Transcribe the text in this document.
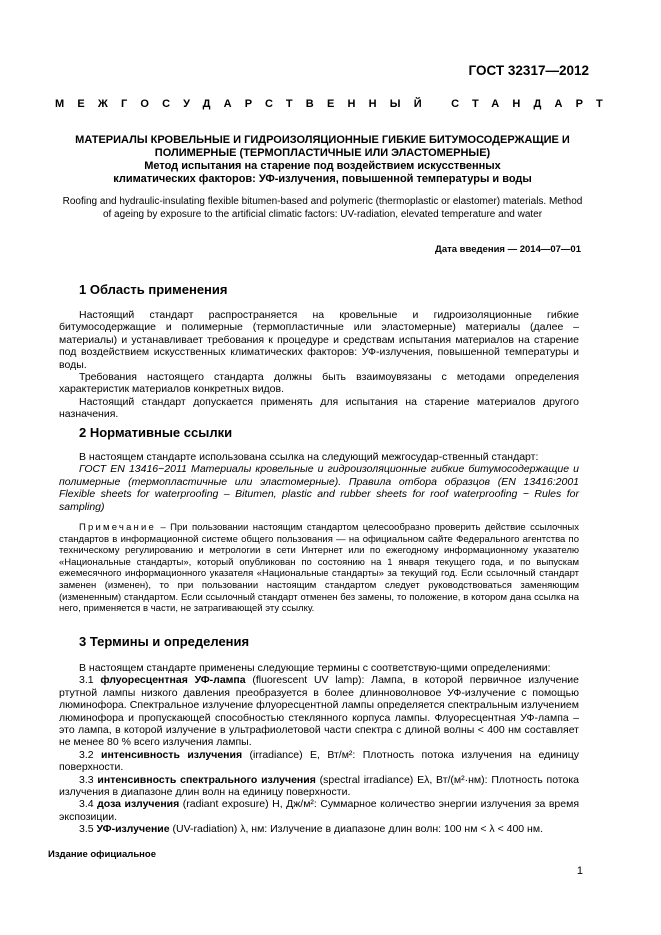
ГОСТ 32317—2012
МЕЖГОСУДАРСТВЕННЫЙ СТАНДАРТ
МАТЕРИАЛЫ КРОВЕЛЬНЫЕ И ГИДРОИЗОЛЯЦИОННЫЕ ГИБКИЕ БИТУМОСОДЕРЖАЩИЕ И
ПОЛИМЕРНЫЕ (ТЕРМОПЛАСТИЧНЫЕ ИЛИ ЭЛАСТОМЕРНЫЕ)
Метод испытания на старение под воздействием искусственных
климатических факторов: УФ-излучения, повышенной температуры и воды
Roofing and hydraulic-insulating flexible bitumen-based and polymeric (thermoplastic or elastomer) materials. Method
of ageing by exposure to the artificial climatic factors: UV-radiation, elevated temperature and water
Дата введения — 2014—07—01
1 Область применения

Настоящий стандарт распространяется на кровельные и гидроизоляционные гибкие битумосодержащие и полимерные (термопластичные или эластомерные) материалы (далее – материалы) и устанавливает требования к процедуре и средствам испытания материалов на старение под воздействием искусственных климатических факторов: УФ-излучения, повышенной температуры и воды.

Требования настоящего стандарта должны быть взаимоувязаны с методами определения характеристик материалов конкретных видов.

Настоящий стандарт допускается применять для испытания на старение материалов другого назначения.

2 Нормативные ссылки

В настоящем стандарте использована ссылка на следующий межгосудар-ственный стандарт:

ГОСТ EN 13416−2011 Материалы кровельные и гидроизоляционные гибкие битумосодержащие и полимерные (термопластичные или эластомерные). Правила отбора образцов (EN 13416:2001 Flexible sheets for waterproofing – Bitumen, plastic and rubber sheets for roof waterproofing − Rules for sampling)

Примечание – При пользовании настоящим стандартом целесообразно проверить действие ссылочных стандартов в информационной системе общего пользования — на официальном сайте Федерального агентства по техническому регулированию и метрологии в сети Интернет или по ежегодному информационному указателю «Национальные стандарты», который опубликован по состоянию на 1 января текущего года, и по выпускам ежемесячного информационного указателя «Национальные стандарты» за текущий год. Если ссылочный стандарт заменен (изменен), то при пользовании настоящим стандартом следует руководствоваться заменяющим (измененным) стандартом. Если ссылочный стандарт отменен без замены, то положение, в котором дана ссылка на него, применяется в части, не затрагивающей эту ссылку.

3 Термины и определения

В настоящем стандарте применены следующие термины с соответствую-щими определениями:

3.1 флуоресцентная УФ-лампа (fluorescent UV lamp): Лампа, в которой первичное излучение ртутной лампы низкого давления преобразуется в более длинноволновое УФ-излучение с помощью люминофора. Спектральное излучение флуоресцентной лампы определяется спектральным излучением люминофора и пропускающей способностью стеклянного корпуса лампы. Флуоресцентная УФ-лампа – это лампа, в которой излучение в ультрафиолетовой части спектра с длиной волны < 400 нм составляет не менее 80 % всего излучения лампы.

3.2 интенсивность излучения (irradiance) E, Вт/м²: Плотность потока излучения на единицу поверхности.

3.3 интенсивность спектрального излучения (spectral irradiance) Eλ, Вт/(м²·нм): Плотность потока излучения в диапазоне длин волн на единицу поверхности.

3.4 доза излучения (radiant exposure) H, Дж/м²: Суммарное количество энергии излучения за время экспозиции.

3.5 УФ-излучение (UV-radiation) λ, нм: Излучение в диапазоне длин волн: 100 нм < λ < 400 нм.

Издание официальное
1
